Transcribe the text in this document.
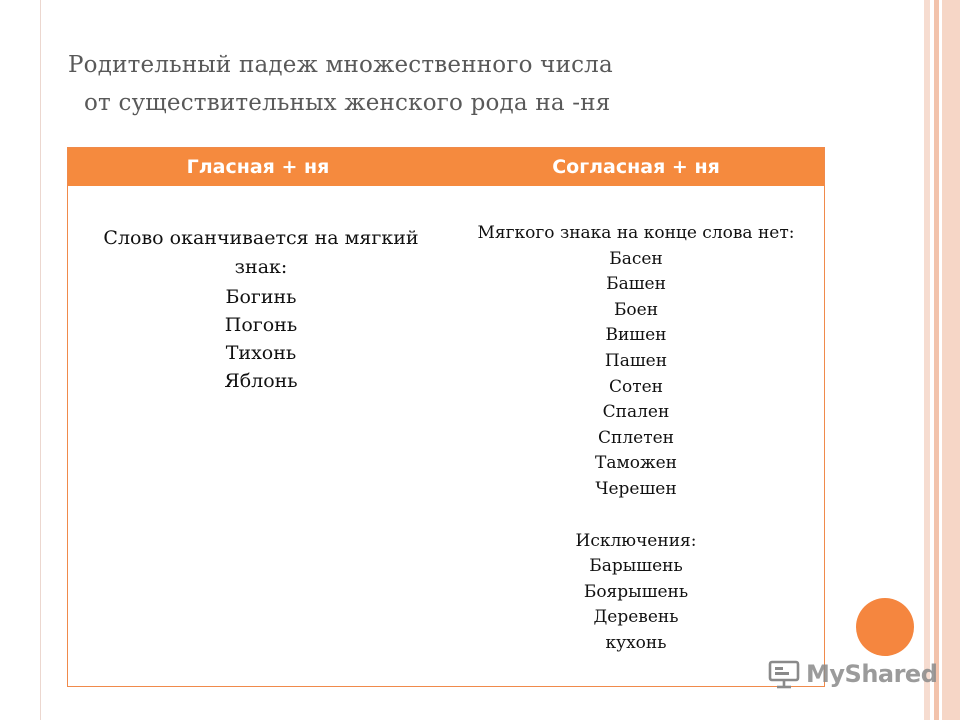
Родительный падеж множественного числа
от существительных женского рода на -ня
Гласная + ня	Согласная + ня
Слово оканчивается на мягкий знак:
Богинь
Погонь
Тихонь
Яблонь
Мягкого знака на конце слова нет:
Басен
Башен
Боен
Вишен
Пашен
Сотен
Спален
Сплетен
Таможен
Черешен
Исключения:
Барышень
Боярышень
Деревень
кухонь
MyShared
